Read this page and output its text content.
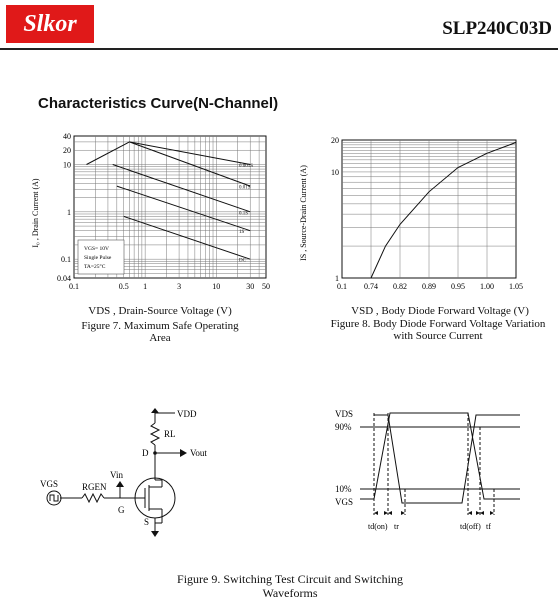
Slkor	SLP240C03D
Characteristics Curve(N-Channel)
0.001S
0.01S
0.1S
1S
DC
0.1	0.5 1	3	10	30 50
40
20
10
1
0.1
0.04
VGS= 10V
Single Pulse
TA=25°C
I₀ , Drain Current (A)
VDS , Drain-Source Voltage (V)
Figure 7. Maximum Safe Operating
Area
0.1 0.74 0.82 0.89 0.95 1.00 1.05
20
10
1
IS , Source-Drain Current (A)
VSD , Body Diode Forward Voltage (V)
Figure 8. Body Diode Forward Voltage Variation
with Source Current
VDD
RL
D	Vout
Vin
VGS	RGEN
G
S
VDS
90%
10%
VGS
td(on) tr	td(off) tf
Figure 9. Switching Test Circuit and Switching
Waveforms
